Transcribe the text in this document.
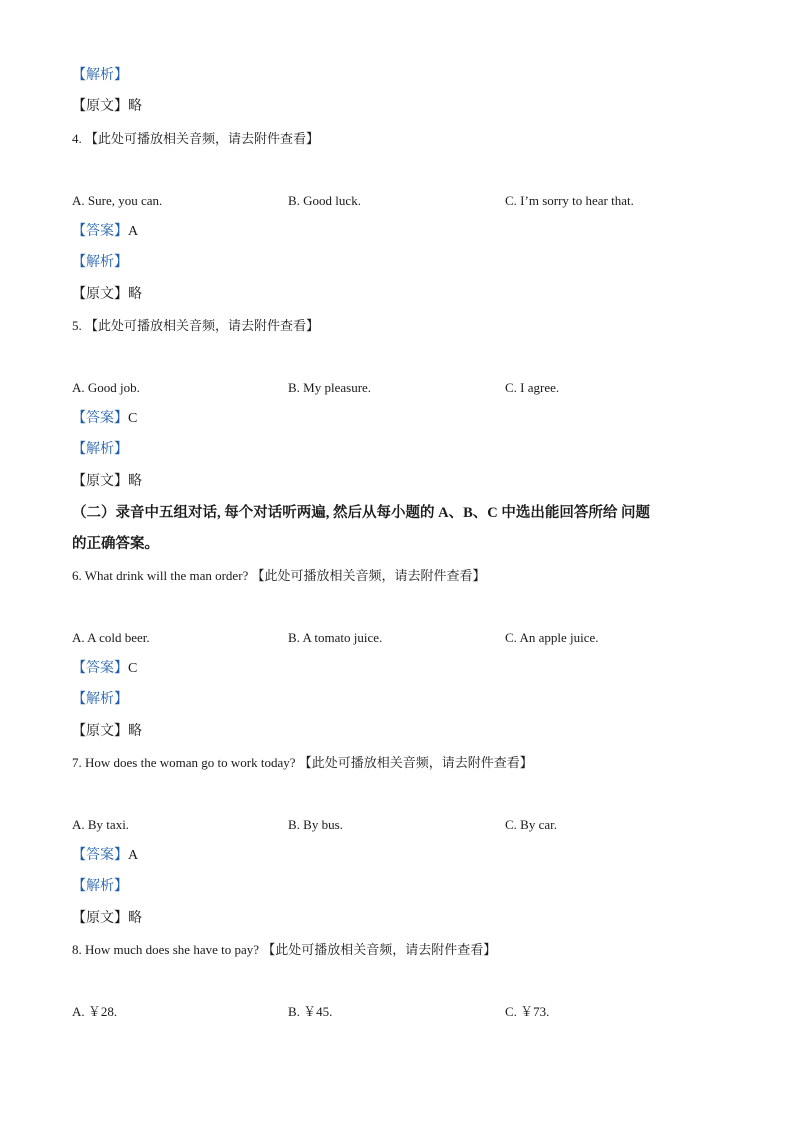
【解析】
【原文】略
4. 【此处可播放相关音频，请去附件查看】
A. Sure, you can.	B. Good luck.	C. I’m sorry to hear that.
【答案】A
【解析】
【原文】略
5. 【此处可播放相关音频，请去附件查看】
A. Good job.	B. My pleasure.	C. I agree.
【答案】C
【解析】
【原文】略
（二）录音中五组对话, 每个对话听两遍, 然后从每小题的 A、B、C 中选出能回答所给 问题
的正确答案。
6. What drink will the man order? 【此处可播放相关音频，请去附件查看】
A. A cold beer.	B. A tomato juice.	C. An apple juice.
【答案】C
【解析】
【原文】略
7. How does the woman go to work today? 【此处可播放相关音频，请去附件查看】
A. By taxi.	B. By bus.	C. By car.
【答案】A
【解析】
【原文】略
8. How much does she have to pay? 【此处可播放相关音频，请去附件查看】
A. ￥28.	B. ￥45.	C. ￥73.
